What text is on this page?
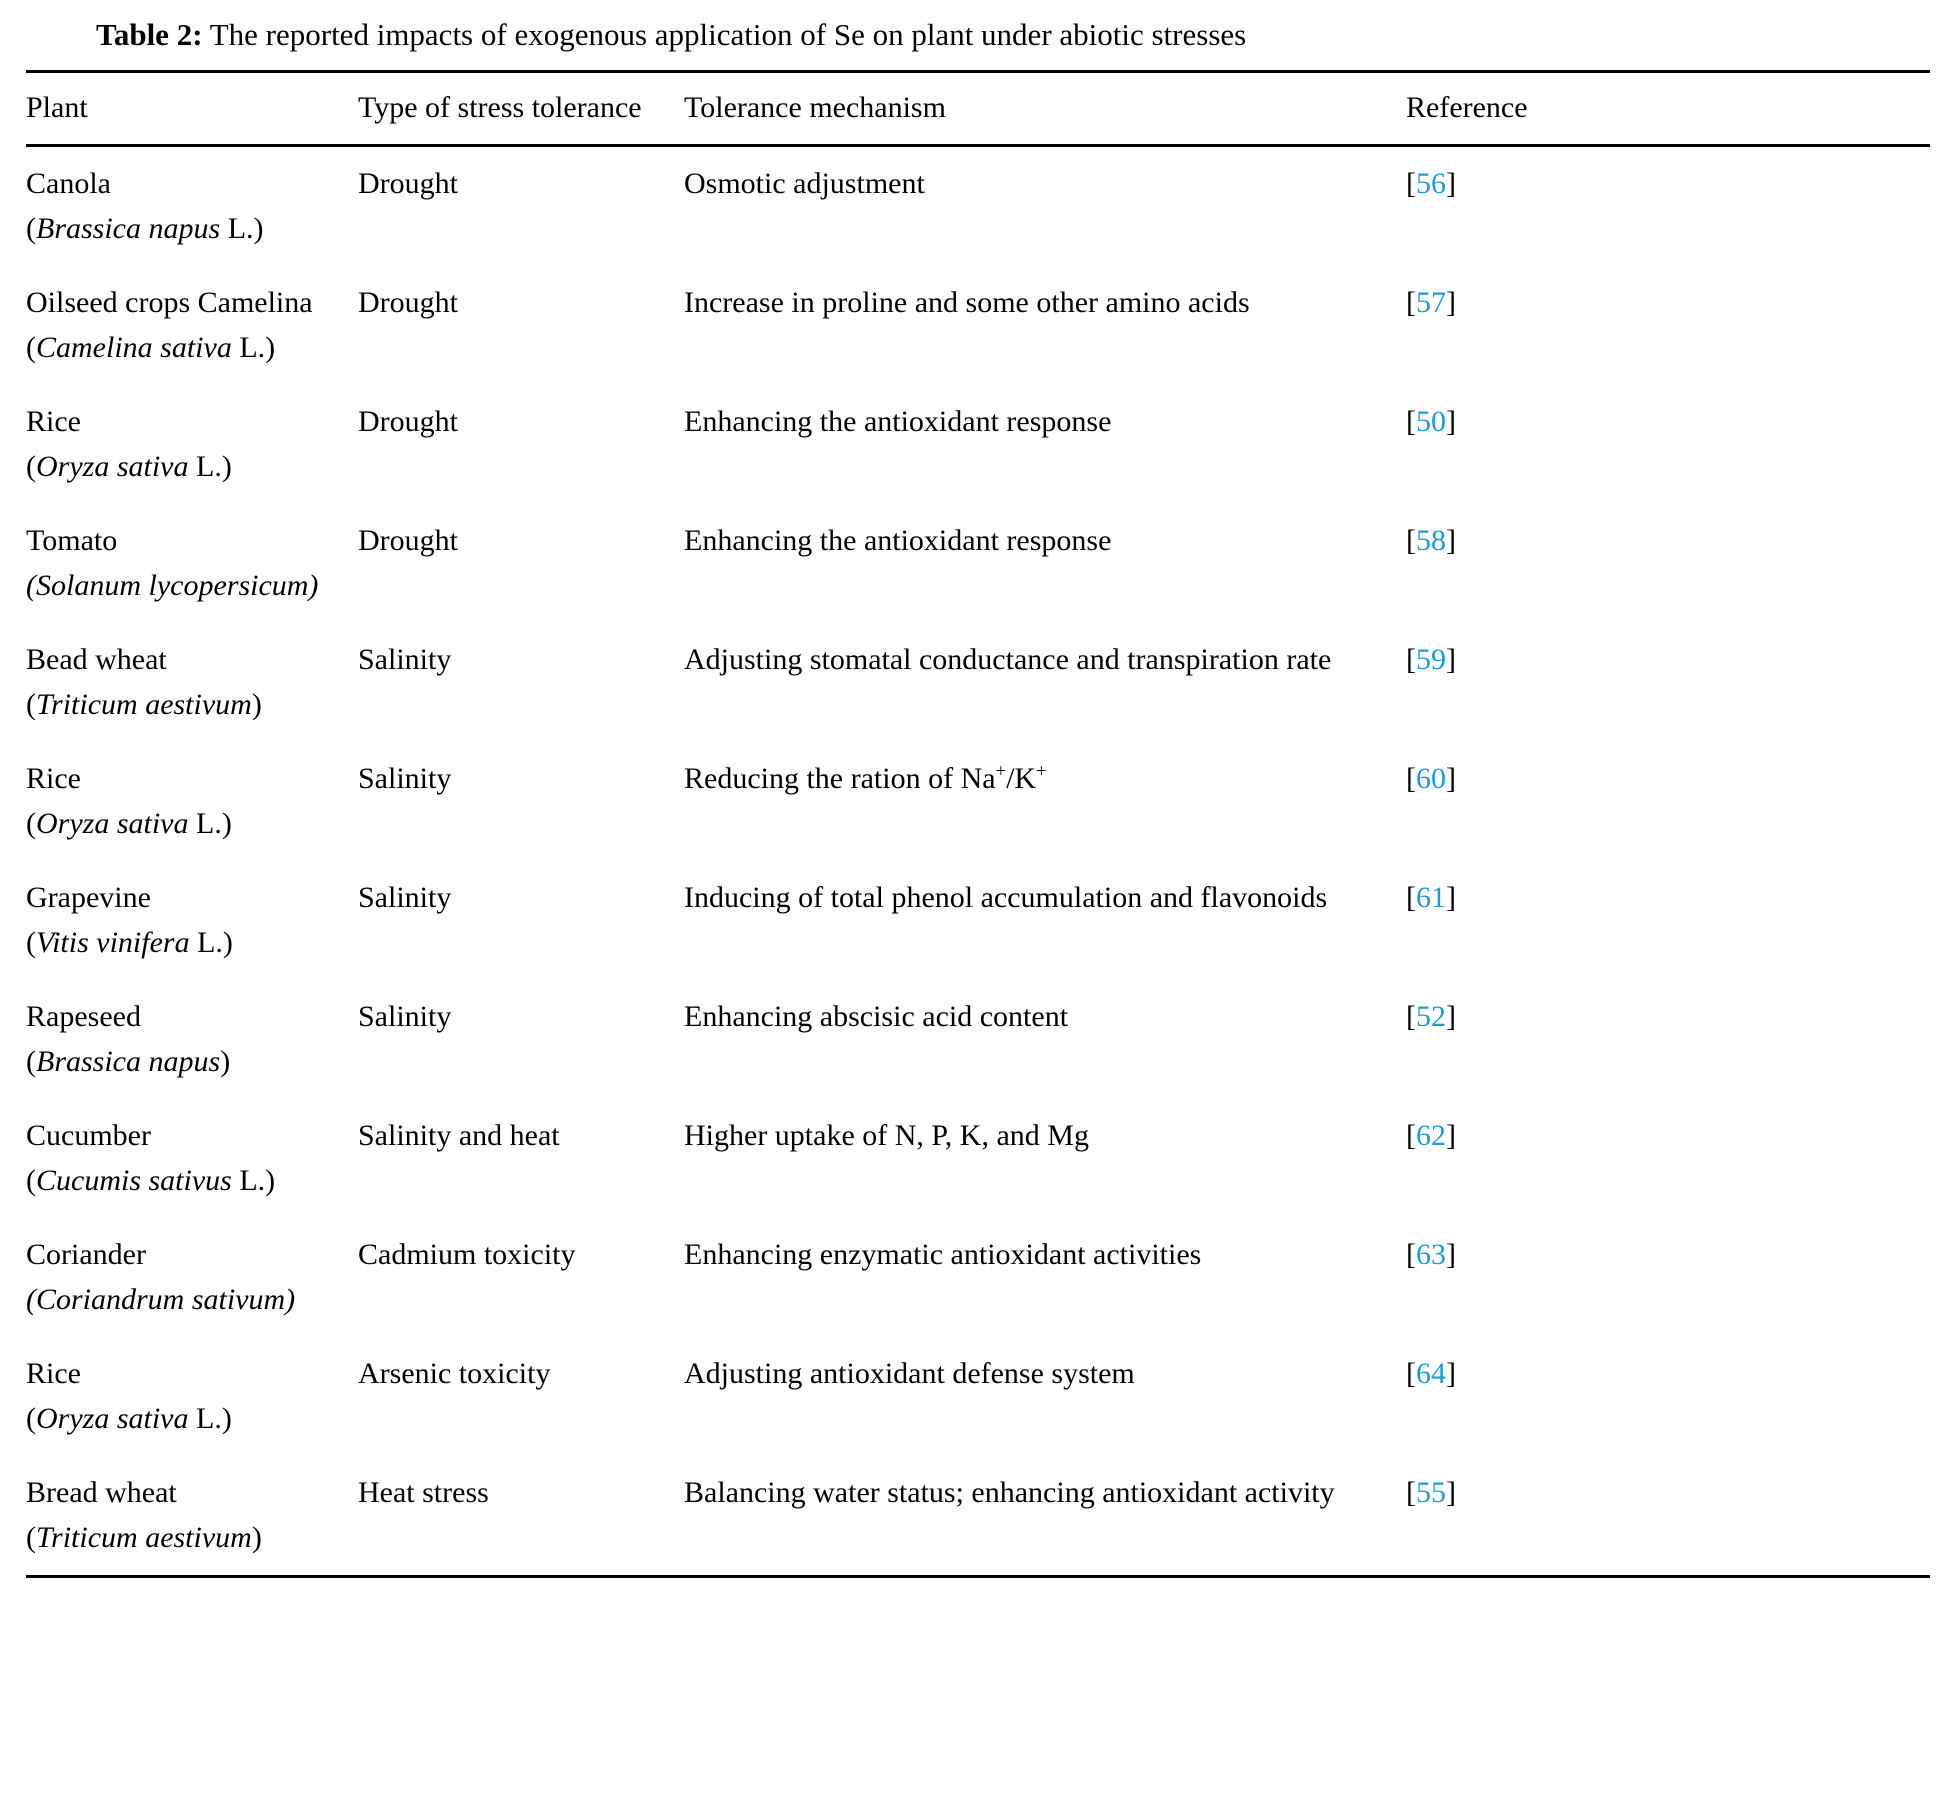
Table 2: The reported impacts of exogenous application of Se on plant under abiotic stresses
Plant	Type of stress tolerance	Tolerance mechanism	Reference

Canola
(Brassica napus L.)	Drought	Osmotic adjustment	[56]

Oilseed crops Camelina
(Camelina sativa L.)	Drought	Increase in proline and some other amino acids	[57]

Rice
(Oryza sativa L.)	Drought	Enhancing the antioxidant response	[50]

Tomato
(Solanum lycopersicum)	Drought	Enhancing the antioxidant response	[58]

Bead wheat
(Triticum aestivum)	Salinity	Adjusting stomatal conductance and transpiration rate	[59]

Rice
(Oryza sativa L.)	Salinity	Reducing the ration of Na+/K+	[60]

Grapevine
(Vitis vinifera L.)	Salinity	Inducing of total phenol accumulation and flavonoids	[61]

Rapeseed
(Brassica napus)	Salinity	Enhancing abscisic acid content	[52]

Cucumber
(Cucumis sativus L.)	Salinity and heat	Higher uptake of N, P, K, and Mg	[62]

Coriander
(Coriandrum sativum)	Cadmium toxicity	Enhancing enzymatic antioxidant activities	[63]

Rice
(Oryza sativa L.)	Arsenic toxicity	Adjusting antioxidant defense system	[64]

Bread wheat
(Triticum aestivum)	Heat stress	Balancing water status; enhancing antioxidant activity	[55]
